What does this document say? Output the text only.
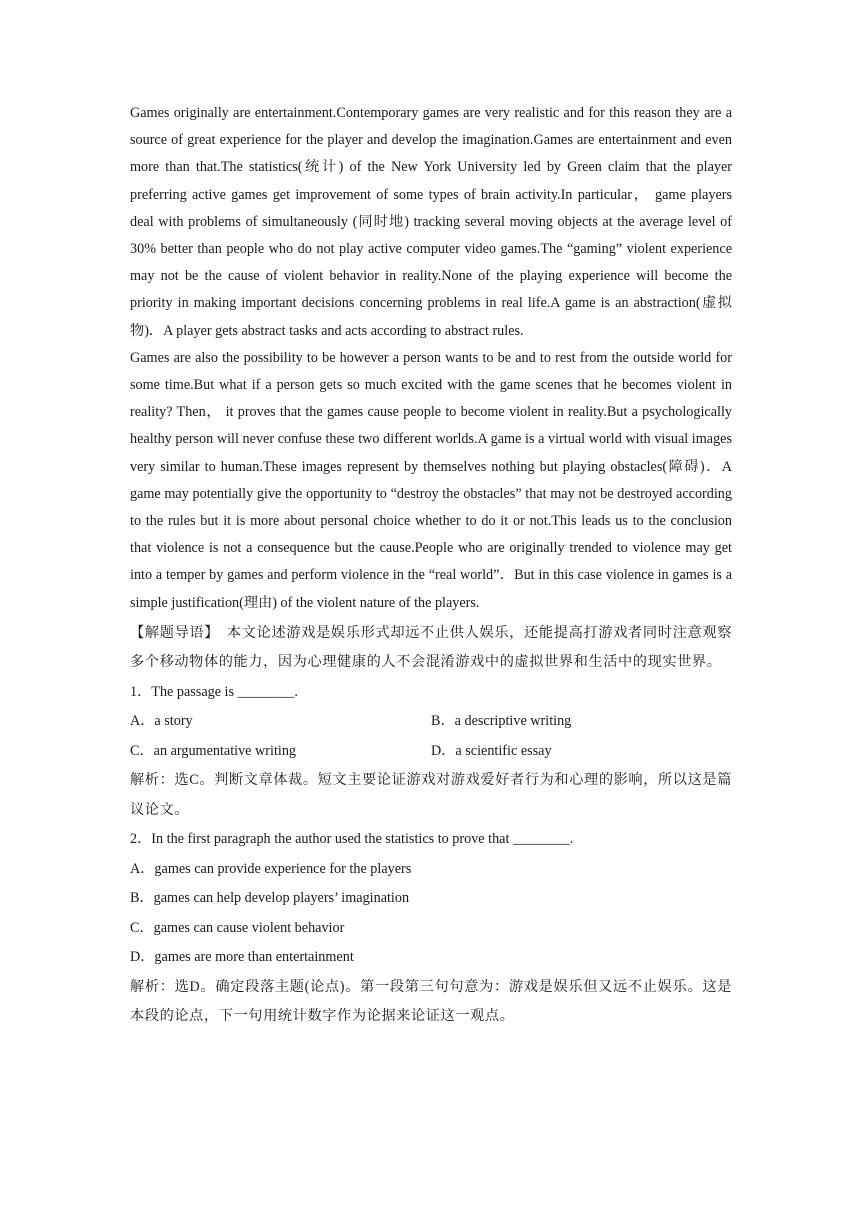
Games originally are entertainment.Contemporary games are very realistic and for this reason they are a source of great experience for the player and develop the imagination.Games are entertainment and even more than that.The statistics(统计) of the New York University led by Green claim that the player preferring active games get improvement of some types of brain activity.In particular， game players deal with problems of simultaneously (同时地) tracking several moving objects at the average level of 30% better than people who do not play active computer video games.The “gaming” violent experience may not be the cause of violent behavior in reality.None of the playing experience will become the priority in making important decisions concerning problems in real life.A game is an abstraction(虚拟物)．A player gets abstract tasks and acts according to abstract rules.

Games are also the possibility to be however a person wants to be and to rest from the outside world for some time.But what if a person gets so much excited with the game scenes that he becomes violent in reality? Then， it proves that the games cause people to become violent in reality.But a psychologically healthy person will never confuse these two different worlds.A game is a virtual world with visual images very similar to human.These images represent by themselves nothing but playing obstacles(障碍)．A game may potentially give the opportunity to “destroy the obstacles” that may not be destroyed according to the rules but it is more about personal choice whether to do it or not.This leads us to the conclusion that violence is not a consequence but the cause.People who are originally trended to violence may get into a temper by games and perform violence in the “real world”．But in this case violence in games is a simple justification(理由) of the violent nature of the players.

【解题导语】　本文论述游戏是娱乐形式却远不止供人娱乐，还能提高打游戏者同时注意观察多个移动物体的能力，因为心理健康的人不会混淆游戏中的虚拟世界和生活中的现实世界。

1．The passage is ________.
A．a story	B．a descriptive writing
C．an argumentative writing	D．a scientific essay

解析：选C。判断文章体裁。短文主要论证游戏对游戏爱好者行为和心理的影响，所以这是篇议论文。

2．In the first paragraph the author used the statistics to prove that ________.
A．games can provide experience for the players
B．games can help develop players’ imagination
C．games can cause violent behavior
D．games are more than entertainment

解析：选D。确定段落主题(论点)。第一段第三句句意为：游戏是娱乐但又远不止娱乐。这是本段的论点，下一句用统计数字作为论据来论证这一观点。
